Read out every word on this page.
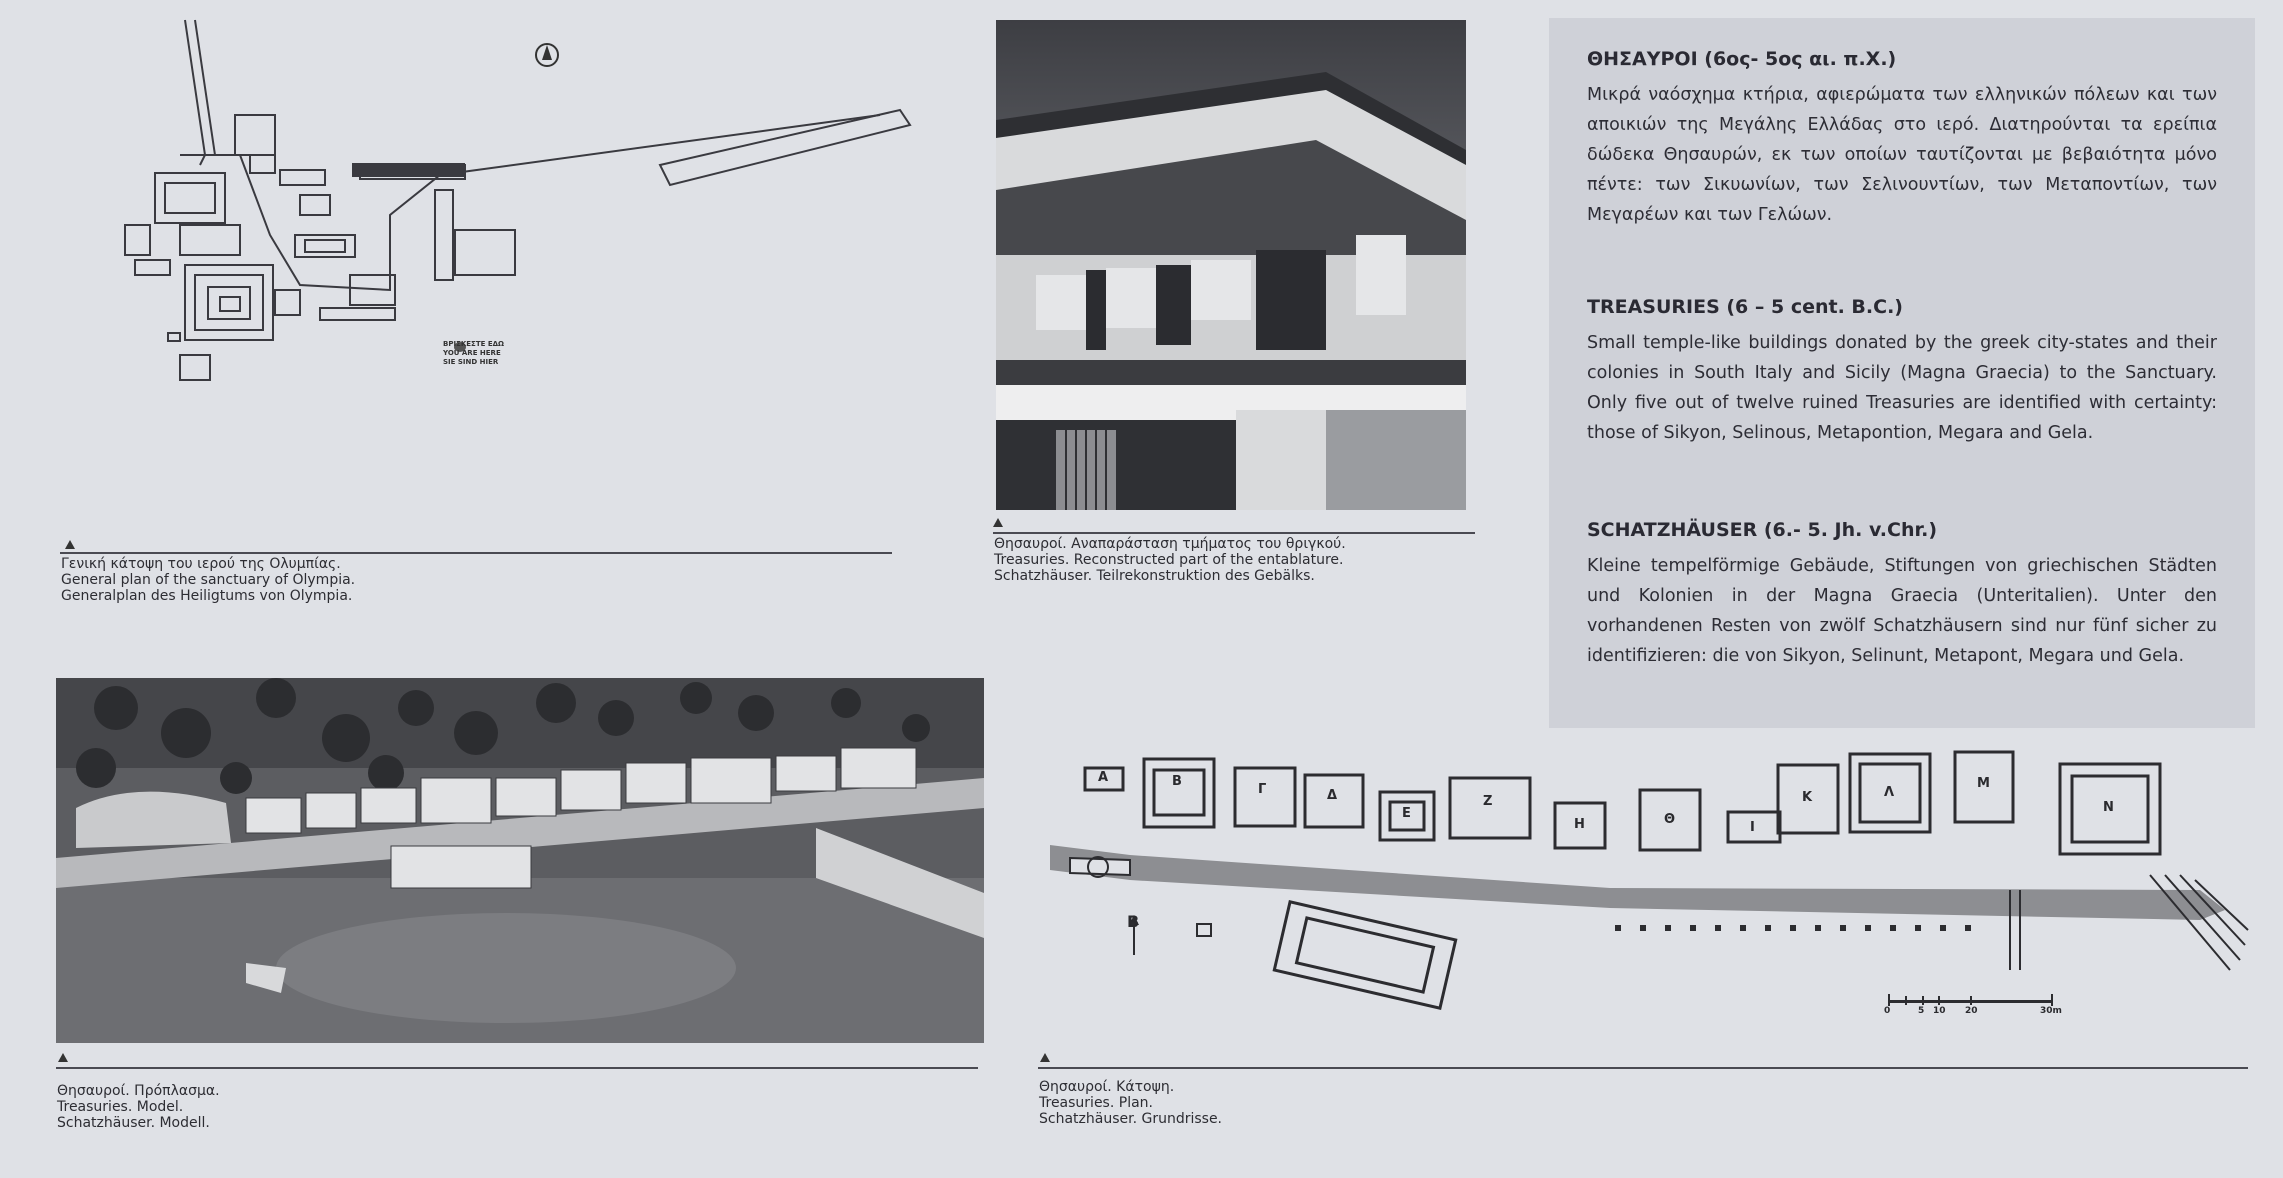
ΒΡΙΣΚΕΣΤΕ ΕΔΩ
YOU ARE HERE
SIE SIND HIER
Γενική κάτοψη του ιερού της Ολυμπίας.
General plan of the sanctuary of Olympia.
Generalplan des Heiligtums von Olympia.
Θησαυροί. Αναπαράσταση τμήματος του θριγκού.
Treasuries. Reconstructed part of the entablature.
Schatzhäuser. Teilrekonstruktion des Gebälks.
ΘΗΣΑΥΡΟΙ (6ος- 5ος αι. π.Χ.)
Μικρά ναόσχημα κτήρια, αφιερώματα των ελληνικών πόλεων και των αποικιών της Μεγάλης Ελλάδας στο ιερό. Διατηρούνται τα ερείπια δώδεκα Θησαυρών, εκ των οποίων ταυτίζονται με βεβαιότητα μόνο πέντε: των Σικυωνίων, των Σελινουντίων, των Μεταποντίων, των Μεγαρέων και των Γελώων.
TREASURIES (6 – 5 cent. B.C.)
Small temple-like buildings donated by the greek city-states and their colonies in South Italy and Sicily (Magna Graecia) to the Sanctuary. Only five out of twelve ruined Treasuries are identified with certainty: those of Sikyon, Selinous, Metapontion, Megara and Gela.
SCHATZHÄUSER (6.- 5. Jh. v.Chr.)
Kleine tempelförmige Gebäude, Stiftungen von griechischen Städten und Kolonien in der Magna Graecia (Unteritalien). Unter den vorhandenen Resten von zwölf Schatzhäusern sind nur fünf sicher zu identifizieren: die von Sikyon, Selinunt, Metapont, Megara und Gela.
Θησαυροί. Πρόπλασμα.
Treasuries. Model.
Schatzhäuser. Modell.
B
Α	Β
Γ	Δ
Ε
Ζ
Η	Θ
Ι
Κ	Λ
Μ
Ν
0	5 10 20	30m
Θησαυροί. Κάτοψη.
Treasuries. Plan.
Schatzhäuser. Grundrisse.
